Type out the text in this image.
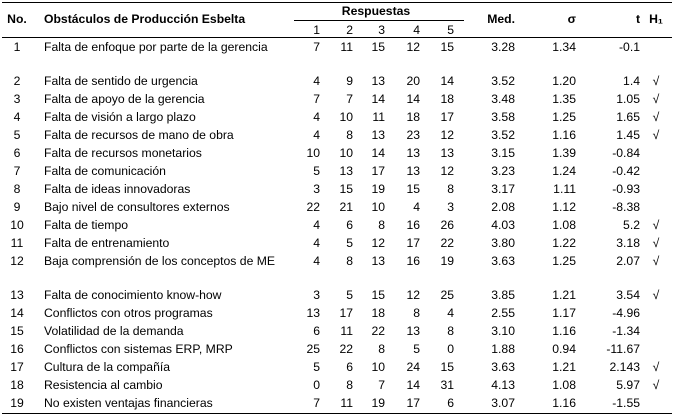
No.	Obstáculos de Producción Esbelta
Respuestas
Med.	σ	t H₁
1	2	3	4	5
1	Falta de enfoque por parte de la gerencia	7	11	15	12	15	3.28	1.34	-0.1
2	Falta de sentido de urgencia	4	9	13	20	14	3.52	1.20	1.4	√
3	Falta de apoyo de la gerencia	7	7	14	14	18	3.48	1.35	1.05	√
4	Falta de visión a largo plazo	4	10	11	18	17	3.58	1.25	1.65	√
5	Falta de recursos de mano de obra	4	8	13	23	12	3.52	1.16	1.45	√
6	Falta de recursos monetarios	10	10	14	13	13	3.15	1.39	-0.84
7	Falta de comunicación	5	13	17	13	12	3.23	1.24	-0.42
8	Falta de ideas innovadoras	3	15	19	15	8	3.17	1.11	-0.93
9	Bajo nivel de consultores externos	22	21	10	4	3	2.08	1.12	-8.38
10	Falta de tiempo	4	6	8	16	26	4.03	1.08	5.2	√
11	Falta de entrenamiento	4	5	12	17	22	3.80	1.22	3.18	√
12	Baja comprensión de los conceptos de ME	4	8	13	16	19	3.63	1.25	2.07	√
13	Falta de conocimiento know-how	3	5	15	12	25	3.85	1.21	3.54	√
14	Conflictos con otros programas	13	17	18	8	4	2.55	1.17	-4.96
15	Volatilidad de la demanda	6	11	22	13	8	3.10	1.16	-1.34
16	Conflictos con sistemas ERP, MRP	25	22	8	5	0	1.88	0.94	-11.67
17	Cultura de la compañía	5	6	10	24	15	3.63	1.21	2.143	√
18	Resistencia al cambio	0	8	7	14	31	4.13	1.08	5.97	√
19	No existen ventajas financieras	7	11	19	17	6	3.07	1.16	-1.55
